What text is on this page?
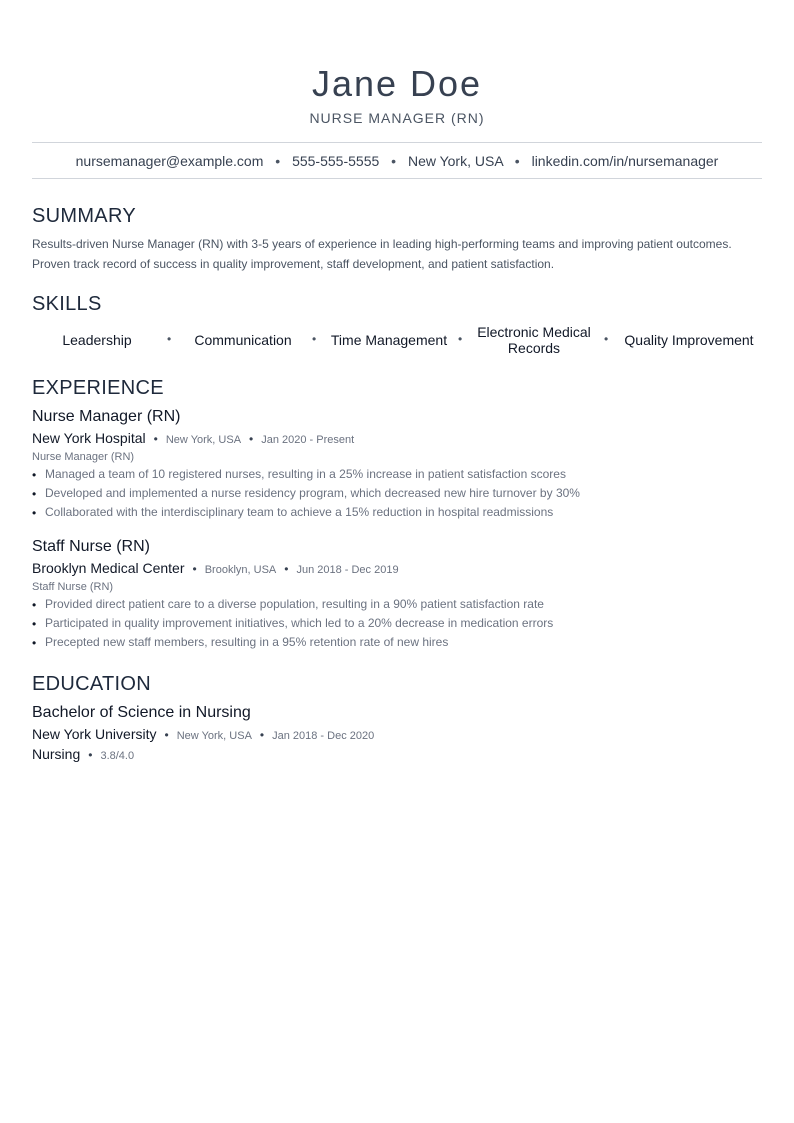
Jane Doe
NURSE MANAGER (RN)
nursemanager@example.com • 555-555-5555 • New York, USA • linkedin.com/in/nursemanager
SUMMARY
Results-driven Nurse Manager (RN) with 3-5 years of experience in leading high-performing teams and improving patient outcomes. Proven track record of success in quality improvement, staff development, and patient satisfaction.
SKILLS
Leadership	•	Communication	•	Time Management •	Electronic Medical Records
•	Quality Improvement
EXPERIENCE
Nurse Manager (RN)
New York Hospital • New York, USA • Jan 2020 - Present
Nurse Manager (RN)
• Managed a team of 10 registered nurses, resulting in a 25% increase in patient satisfaction scores
• Developed and implemented a nurse residency program, which decreased new hire turnover by 30%
• Collaborated with the interdisciplinary team to achieve a 15% reduction in hospital readmissions
Staff Nurse (RN)
Brooklyn Medical Center • Brooklyn, USA • Jun 2018 - Dec 2019
Staff Nurse (RN)
• Provided direct patient care to a diverse population, resulting in a 90% patient satisfaction rate
• Participated in quality improvement initiatives, which led to a 20% decrease in medication errors
• Precepted new staff members, resulting in a 95% retention rate of new hires
EDUCATION
Bachelor of Science in Nursing
New York University • New York, USA • Jan 2018 - Dec 2020
Nursing • 3.8/4.0
